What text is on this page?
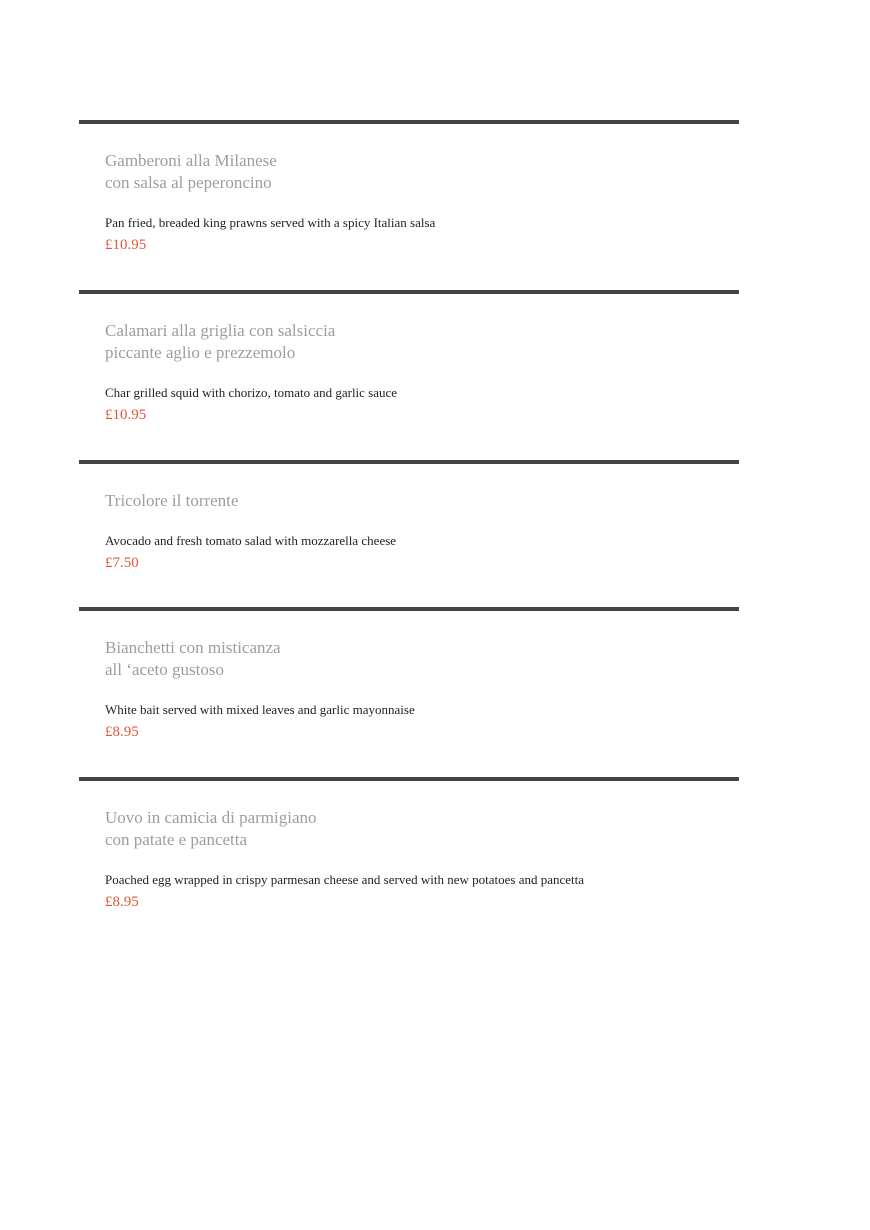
Gamberoni alla Milanese
con salsa al peperoncino
Pan fried, breaded king prawns served with a spicy Italian salsa
£10.95
Calamari alla griglia con salsiccia
piccante aglio e prezzemolo
Char grilled squid with chorizo, tomato and garlic sauce
£10.95
Tricolore il torrente
Avocado and fresh tomato salad with mozzarella cheese
£7.50
Bianchetti con misticanza
all ‘aceto gustoso
White bait served with mixed leaves and garlic mayonnaise
£8.95
Uovo in camicia di parmigiano
con patate e pancetta
Poached egg wrapped in crispy parmesan cheese and served with new potatoes and pancetta
£8.95
